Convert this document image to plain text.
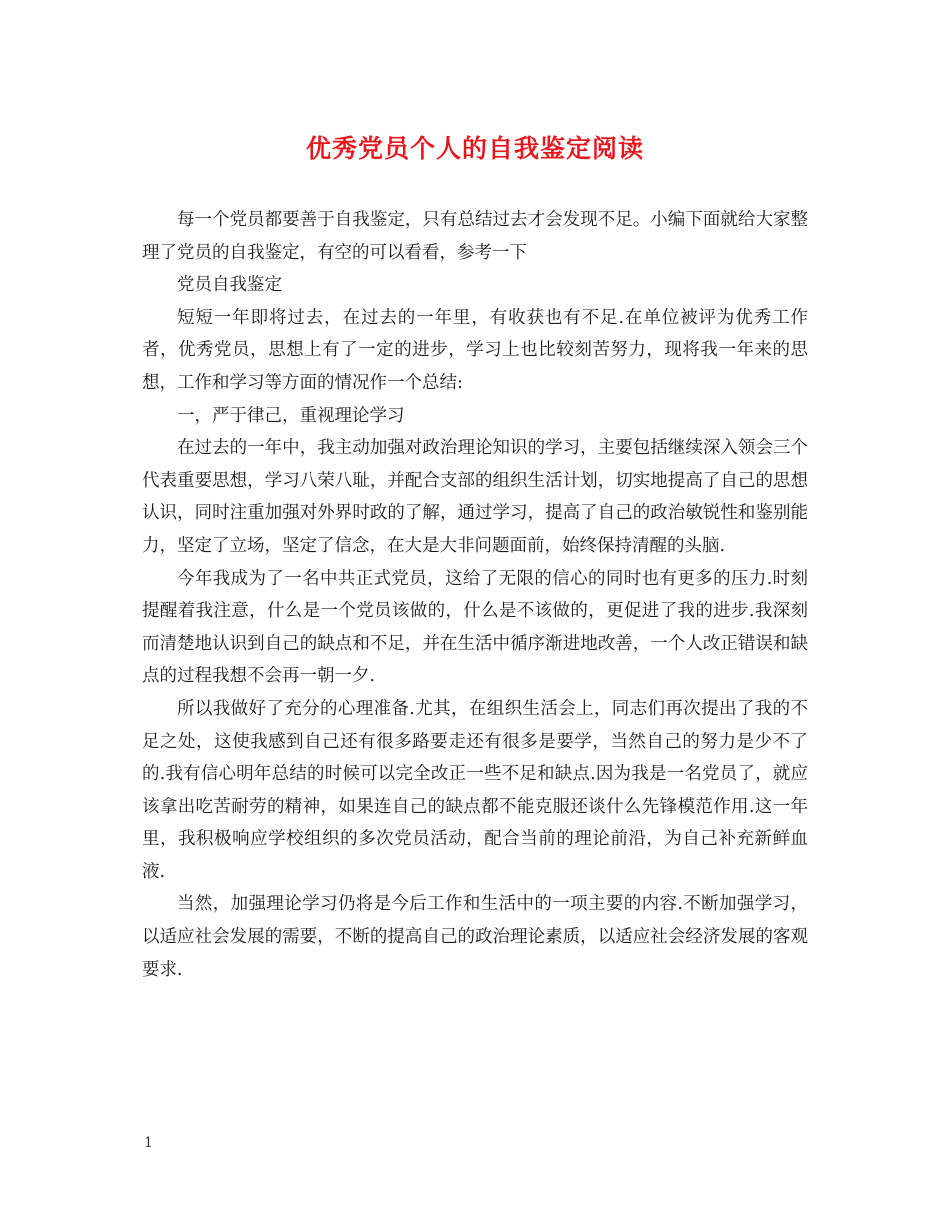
优秀党员个人的自我鉴定阅读

每一个党员都要善于自我鉴定，只有总结过去才会发现不足。小编下面就给大家整理了党员的自我鉴定，有空的可以看看，参考一下

党员自我鉴定

短短一年即将过去，在过去的一年里，有收获也有不足.在单位被评为优秀工作者，优秀党员，思想上有了一定的进步，学习上也比较刻苦努力，现将我一年来的思想，工作和学习等方面的情况作一个总结:

一，严于律己，重视理论学习

在过去的一年中，我主动加强对政治理论知识的学习，主要包括继续深入领会三个代表重要思想，学习八荣八耻，并配合支部的组织生活计划，切实地提高了自己的思想认识，同时注重加强对外界时政的了解，通过学习，提高了自己的政治敏锐性和鉴别能力，坚定了立场，坚定了信念，在大是大非问题面前，始终保持清醒的头脑.

今年我成为了一名中共正式党员，这给了无限的信心的同时也有更多的压力.时刻提醒着我注意，什么是一个党员该做的，什么是不该做的，更促进了我的进步.我深刻而清楚地认识到自己的缺点和不足，并在生活中循序渐进地改善，一个人改正错误和缺点的过程我想不会再一朝一夕.

所以我做好了充分的心理准备.尤其，在组织生活会上，同志们再次提出了我的不足之处，这使我感到自己还有很多路要走还有很多是要学，当然自己的努力是少不了的.我有信心明年总结的时候可以完全改正一些不足和缺点.因为我是一名党员了，就应该拿出吃苦耐劳的精神，如果连自己的缺点都不能克服还谈什么先锋模范作用.这一年里，我积极响应学校组织的多次党员活动，配合当前的理论前沿，为自己补充新鲜血液.

当然，加强理论学习仍将是今后工作和生活中的一项主要的内容.不断加强学习，以适应社会发展的需要，不断的提高自己的政治理论素质，以适应社会经济发展的客观要求.

1
